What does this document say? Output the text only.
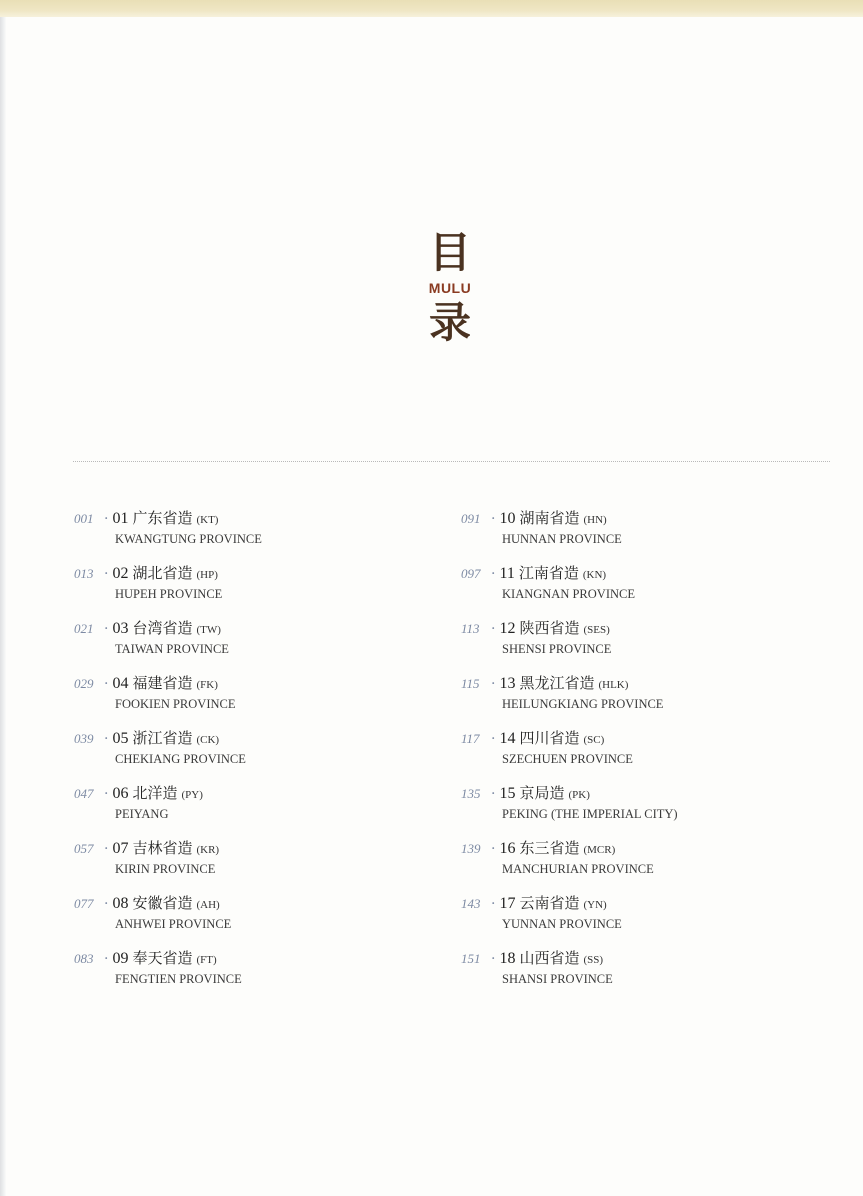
目
MULU
录
001 · 01 广东省造 (KT)
KWANGTUNG PROVINCE
013 · 02 湖北省造 (HP)
HUPEH PROVINCE
021 · 03 台湾省造 (TW)
TAIWAN PROVINCE
029 · 04 福建省造 (FK)
FOOKIEN PROVINCE
039 · 05 浙江省造 (CK)
CHEKIANG PROVINCE
047 · 06 北洋造 (PY)
PEIYANG
057 · 07 吉林省造 (KR)
KIRIN PROVINCE
077 · 08 安徽省造 (AH)
ANHWEI PROVINCE
083 · 09 奉天省造 (FT)
FENGTIEN PROVINCE
091 · 10 湖南省造 (HN)
HUNNAN PROVINCE
097 · 11 江南省造 (KN)
KIANGNAN PROVINCE
113 · 12 陕西省造 (SES)
SHENSI PROVINCE
115 · 13 黑龙江省造 (HLK)
HEILUNGKIANG PROVINCE
117 · 14 四川省造 (SC)
SZECHUEN PROVINCE
135 · 15 京局造 (PK)
PEKING (THE IMPERIAL CITY)
139 · 16 东三省造 (MCR)
MANCHURIAN PROVINCE
143 · 17 云南省造 (YN)
YUNNAN PROVINCE
151 · 18 山西省造 (SS)
SHANSI PROVINCE
